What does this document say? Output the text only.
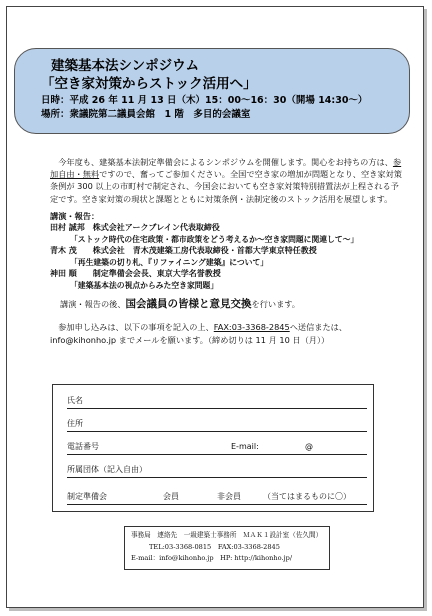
建築基本法シンポジウム
「空き家対策からストック活用へ」
日時：平成 26 年 11 月 13 日（木）15：00～16：30（開場 14:30～）
場所：衆議院第二議員会館　1 階　多目的会議室

今年度も、建築基本法制定準備会によるシンポジウムを開催します。関心をお持ちの方は、参加自由・無料ですので、奮ってご参加ください。全国で空き家の増加が問題となり、空き家対策条例が 300 以上の市町村で制定され、今国会においても空き家対策特別措置法が上程される予定です。空き家対策の現状と課題とともに対策条例・法制定後のストック活用を展望します。

講演・報告：
田村 誠邦　株式会社アークブレイン代表取締役
「ストック時代の住宅政策・都市政策をどう考えるか～空き家問題に関連して～」
青木 茂　　株式会社　青木茂建築工房代表取締役・首都大学東京特任教授
「再生建築の切り札、『リファイニング建築』について」
神田 順　　制定準備会会長、東京大学名誉教授
「建築基本法の視点からみた空き家問題」
講演・報告の後、国会議員の皆様と意見交換を行います。

参加申し込みは、以下の事項を記入の上、FAX:03-3368-2845へ送信または、info@kihonho.jp までメールを願います。（締め切りは 11 月 10 日（月））

氏名
住所
電話番号	E-mail:	@
所属団体（記入自由）
制定準備会	会員	非会員	（当てはまるものに〇）
事務局　連絡先　一級建築士事務所　ＭＡＫ１設計室（佐久間）
TEL:03-3368-0815　FAX:03-3368-2845
E-mail：info@kihonho.jp　HP: http://kihonho.jp/
